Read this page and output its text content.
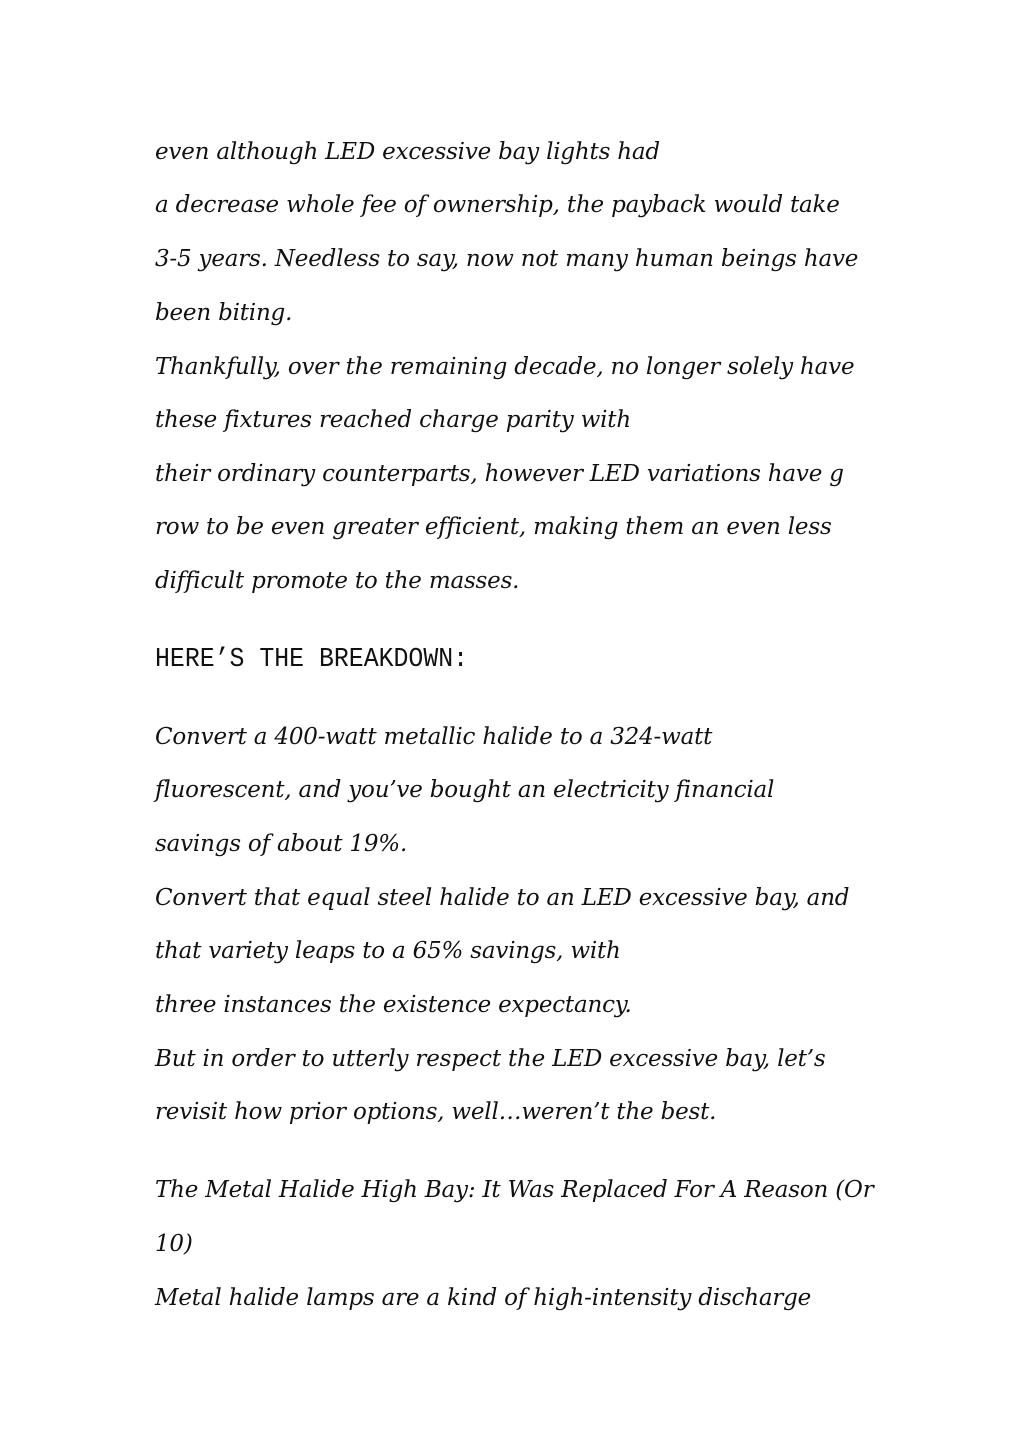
even although LED excessive bay lights had
a decrease whole fee of ownership, the payback would take
3-5 years. Needless to say, now not many human beings have
been biting.
Thankfully, over the remaining decade, no longer solely have
these fixtures reached charge parity with
their ordinary counterparts, however LED variations have g
row to be even greater efficient, making them an even less
difficult promote to the masses.
HERE’S THE BREAKDOWN:
Convert a 400-watt metallic halide to a 324-watt
fluorescent, and you’ve bought an electricity financial
savings of about 19%.
Convert that equal steel halide to an LED excessive bay, and
that variety leaps to a 65% savings, with
three instances the existence expectancy.
But in order to utterly respect the LED excessive bay, let’s
revisit how prior options, well…weren’t the best.
The Metal Halide High Bay: It Was Replaced For A Reason (Or
10)
Metal halide lamps are a kind of high-intensity discharge
